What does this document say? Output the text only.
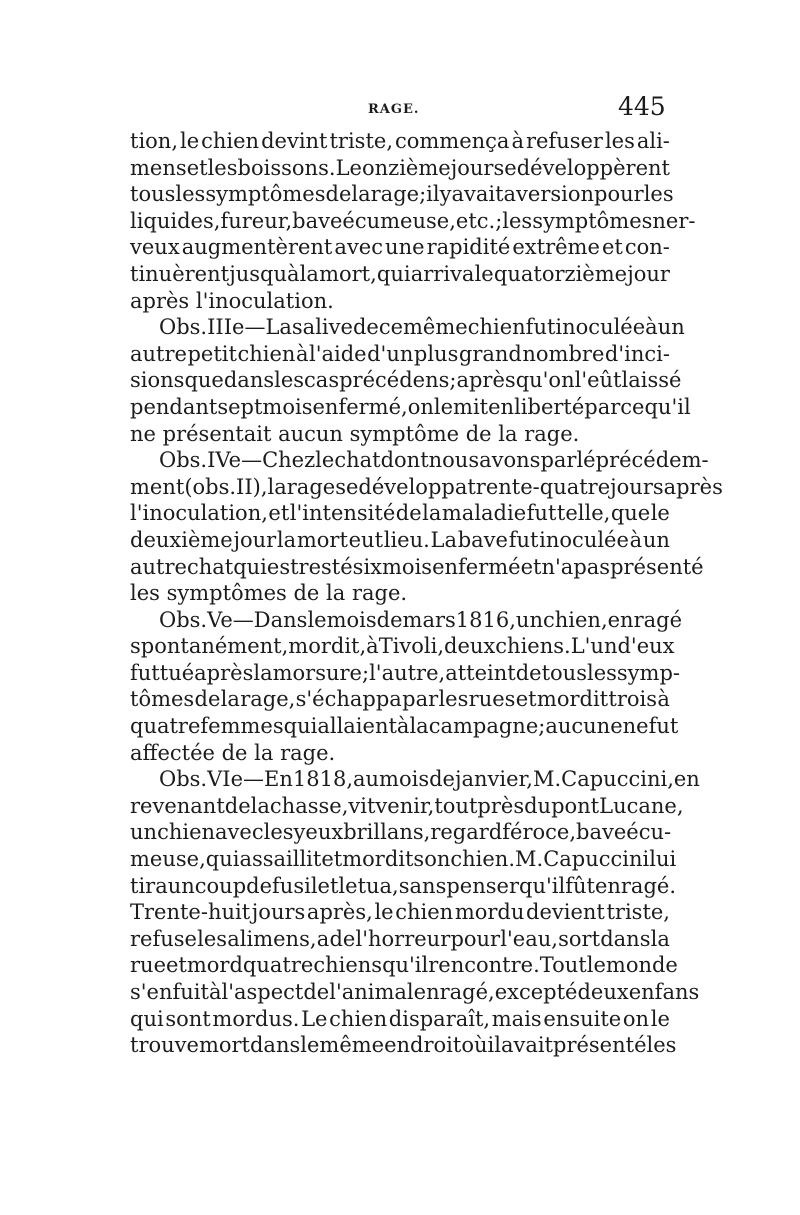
RAGE.	445
tion, le chien devint triste, commença à refuser les ali-
mens et les boissons. Le onzième jour se développèrent
tous les symptômes de la rage; il y avait aversion pour les
liquides, fureur, bave écumeuse, etc.; les symptômes ner-
veux augmentèrent avec une rapidité extrême et con-
tinuèrent jusquà la mort, qui arriva le quatorzième jour
après l'inoculation.
Obs. IIIe—La salive de ce même chien fut inoculée à un
autre petit chien à l'aide d'un plus grand nombre d'inci-
sions que dans les cas précédens; après qu'on l'eût laissé
pendant sept mois enfermé, on le mit en liberté parce qu'il
ne présentait aucun symptôme de la rage.
Obs. IVe—Chez le chat dont nous avons parlé précédem-
ment (obs. II), la rage se développa trente-quatre jours après
l'inoculation, et l'intensité de la maladie fut telle, que le
deuxième jour la mort eut lieu. La bave fut inoculée à un
autre chat qui est resté six mois enfermé et n'a pas présenté
les symptômes de la rage.
Obs. Ve—Dans le mois de mars 1816, un chien, enragé
spontanément, mordit, à Tivoli, deux chiens. L'un d'eux
fut tué après la morsure; l'autre, atteint de tous les symp-
tômes de la rage, s'échappa par les rues et mordit trois à
quatre femmes qui allaient à la campagne; aucune ne fut
affectée de la rage.
Obs. VIe—En 1818, au mois de janvier, M. Capuccini, en
revenant de la chasse, vit venir, tout près du pont Lucane,
un chien avec les yeux brillans, regard féroce, bave écu-
meuse, qui assaillit et mordit son chien. M. Capuccini lui
tira un coup de fusil et le tua, sans penser qu'il fût enragé.
Trente-huit jours après, le chien mordu devient triste,
refuse les alimens, a de l'horreur pour l'eau, sort dans la
rue et mord quatre chiens qu'il rencontre. Tout le monde
s'enfuit à l'aspect de l'animal enragé, excepté deux enfans
qui sont mordus. Le chien disparaît, mais ensuite on le
trouve mort dans le même endroit où il avait présenté les
